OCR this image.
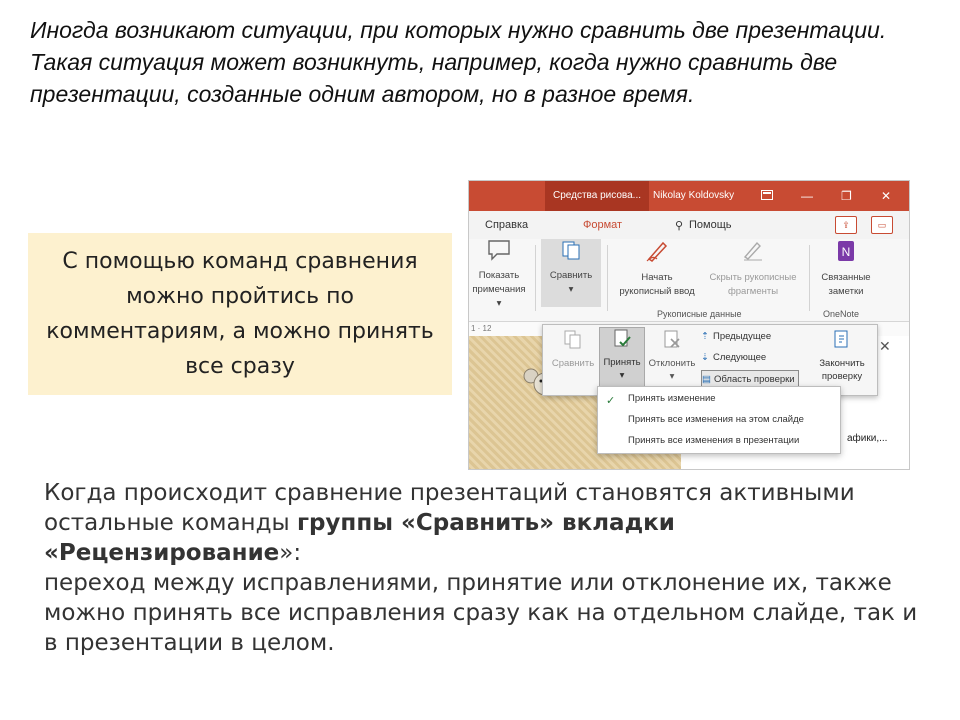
Иногда возникают ситуации, при которых нужно сравнить две презентации.

Такая ситуация может возникнуть, например, когда нужно сравнить две презентации, созданные одним автором, но в разное время.

С помощью команд сравнения можно пройтись по комментариям, а можно принять все сразу
Средства рисова...	Nikolay Koldovsky	— ❐ ✕
Справка	Формат	⚲ Помощь	⇪	▭
Показать
примечания ▾
Сравнить
▾
Начать
рукописный ввод
Скрыть рукописные
фрагменты
Рукописные данные
N
Связанные
заметки
OneNote
1 · 12
✕
афики,...
Сравнить Принять
▾
Отклонить
▾
⇡ Предыдущее
⇣ Следующее
▤ Область проверки
Закончить
проверку
✓ Принять изменение
Принять все изменения на этом слайде
Принять все изменения в презентации

Когда происходит сравнение презентаций становятся активными остальные команды группы «Сравнить» вкладки «Рецензирование»:

переход между исправлениями, принятие или отклонение их, также можно принять все исправления сразу как на отдельном слайде, так и в презентации в целом.
